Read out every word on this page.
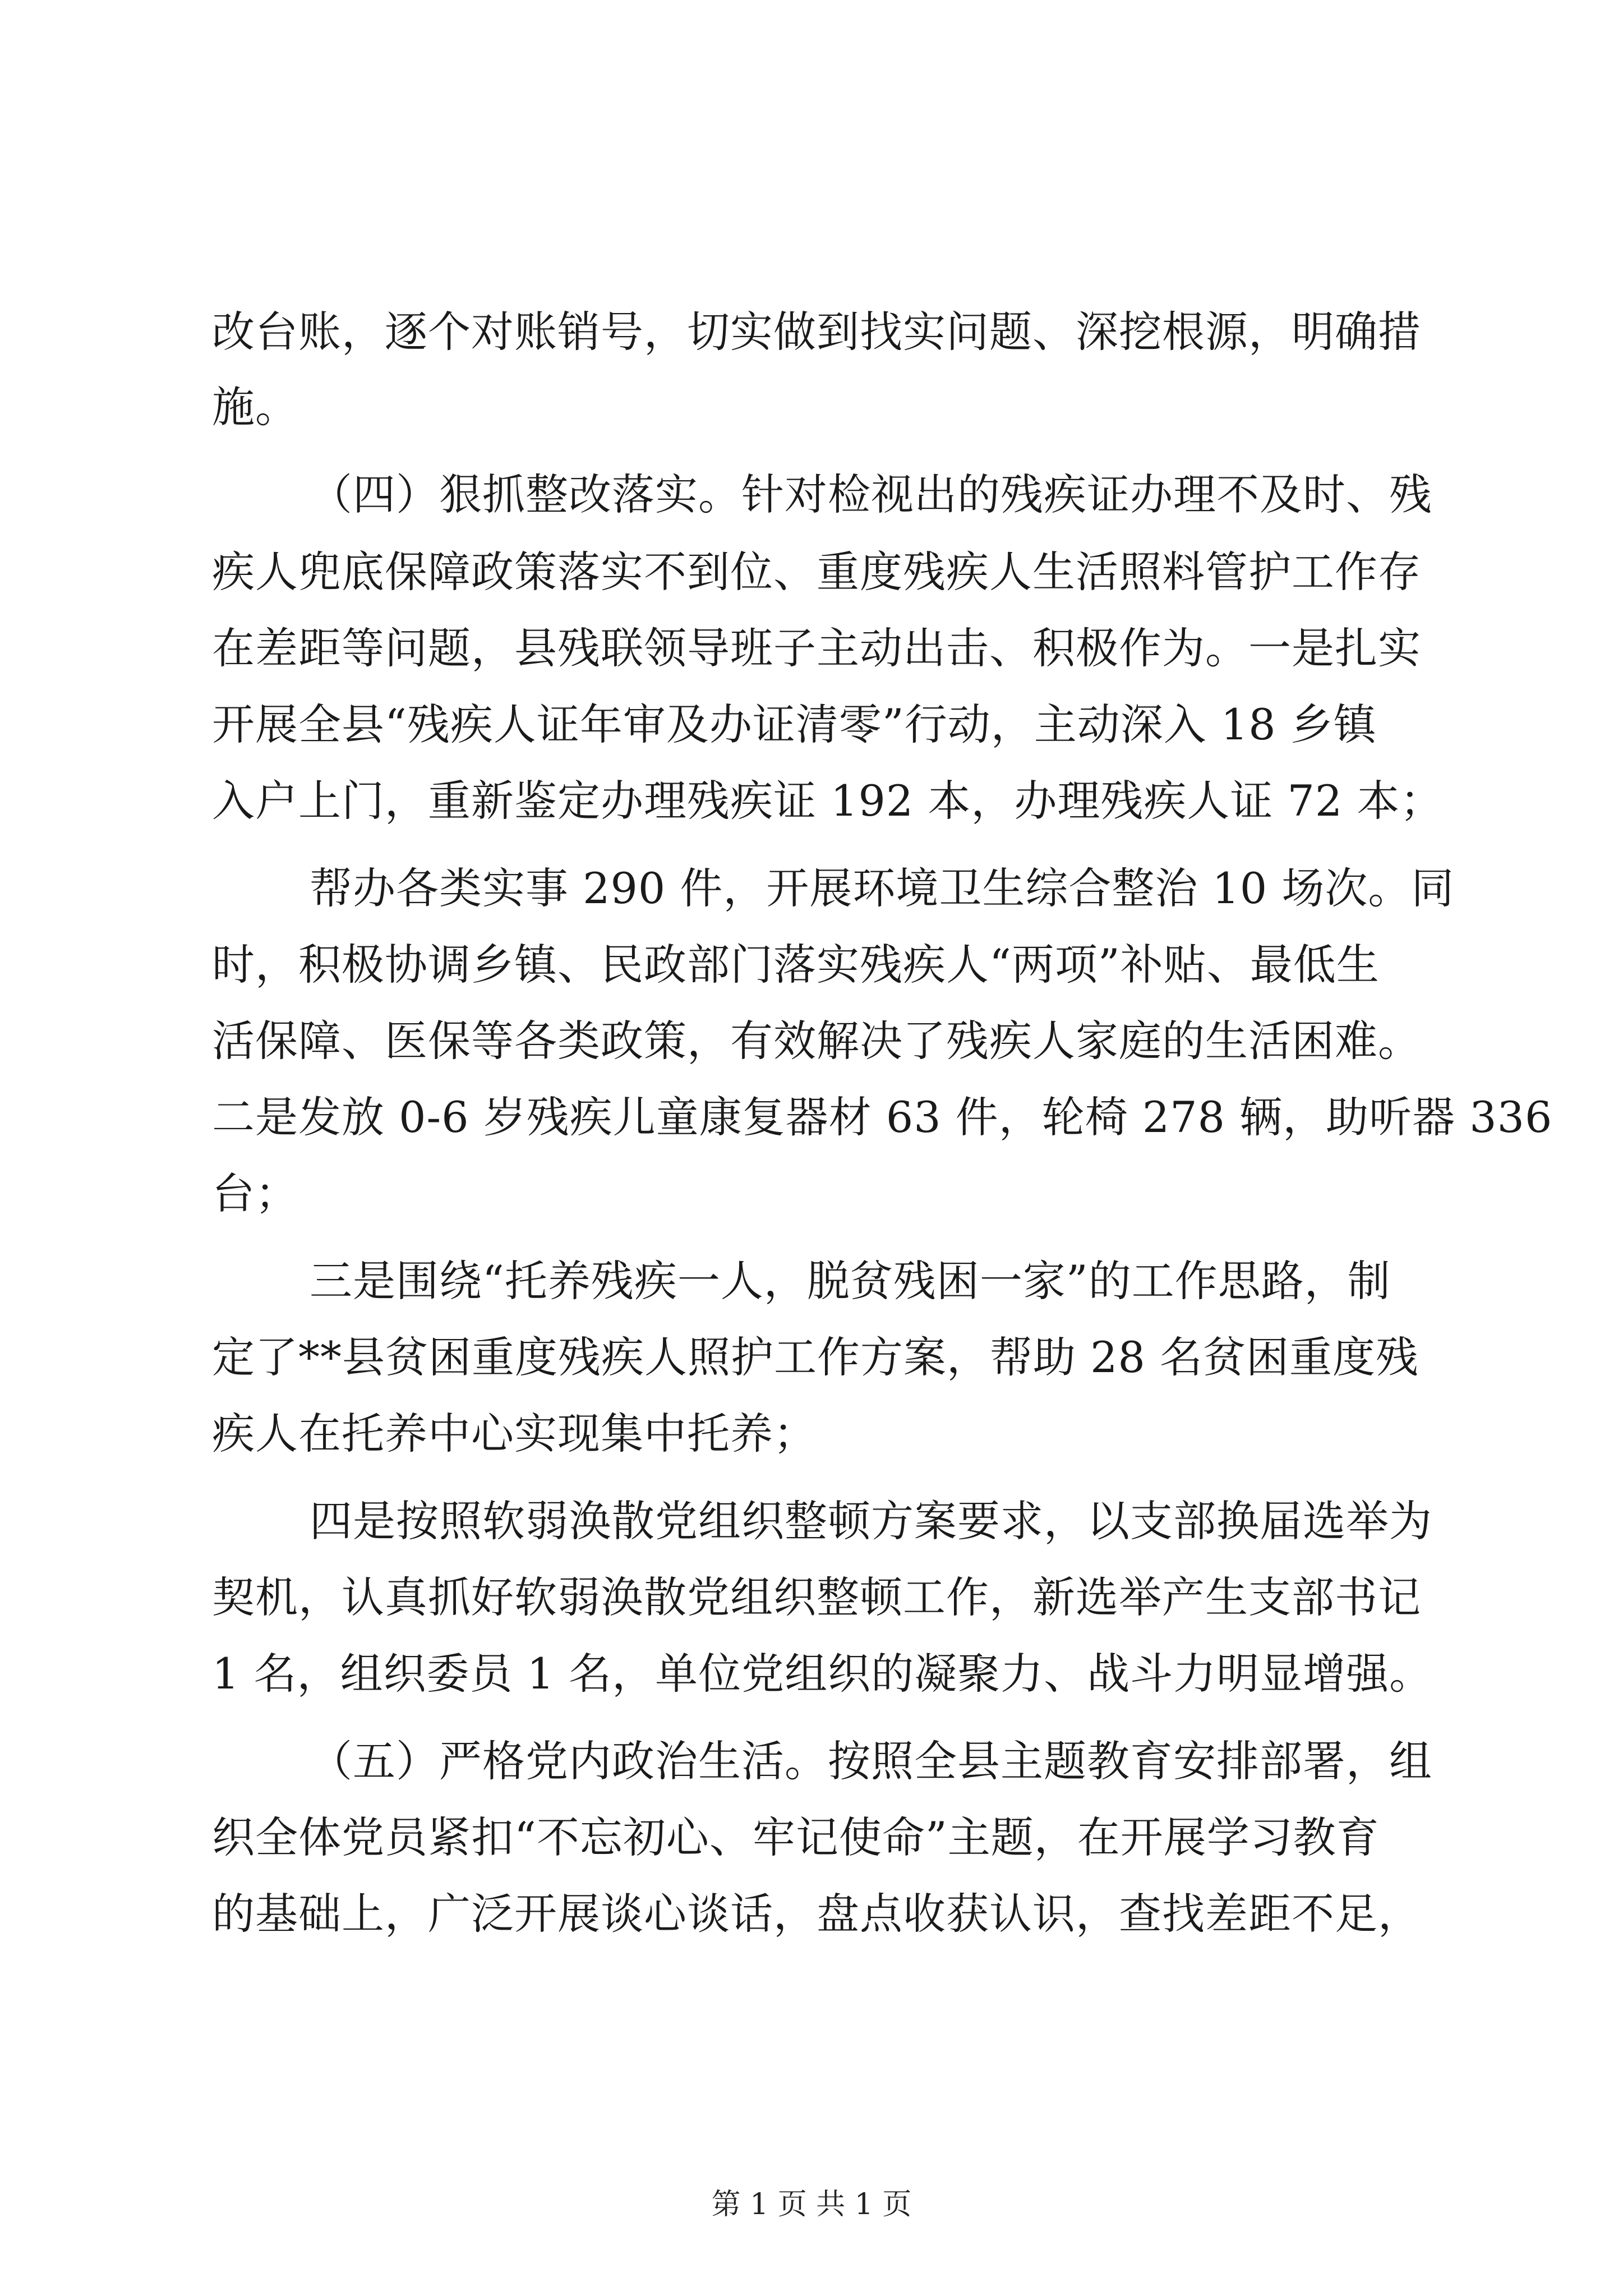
改台账，逐个对账销号，切实做到找实问题、深挖根源，明确措
施。
（四）狠抓整改落实。针对检视出的残疾证办理不及时、残
疾人兜底保障政策落实不到位、重度残疾人生活照料管护工作存
在差距等问题，县残联领导班子主动出击、积极作为。一是扎实
开展全县“残疾人证年审及办证清零”行动，主动深入 18 乡镇
入户上门，重新鉴定办理残疾证 192 本，办理残疾人证 72 本；
帮办各类实事 290 件，开展环境卫生综合整治 10 场次。同
时，积极协调乡镇、民政部门落实残疾人“两项”补贴、最低生
活保障、医保等各类政策，有效解决了残疾人家庭的生活困难。
二是发放 0-6 岁残疾儿童康复器材 63 件，轮椅 278 辆，助听器 336
台；
三是围绕“托养残疾一人，脱贫残困一家”的工作思路，制
定了**县贫困重度残疾人照护工作方案，帮助 28 名贫困重度残
疾人在托养中心实现集中托养；
四是按照软弱涣散党组织整顿方案要求，以支部换届选举为
契机，认真抓好软弱涣散党组织整顿工作，新选举产生支部书记
1 名，组织委员 1 名，单位党组织的凝聚力、战斗力明显增强。
（五）严格党内政治生活。按照全县主题教育安排部署，组
织全体党员紧扣“不忘初心、牢记使命”主题，在开展学习教育
的基础上，广泛开展谈心谈话，盘点收获认识，查找差距不足，
第 1 页 共 1 页
